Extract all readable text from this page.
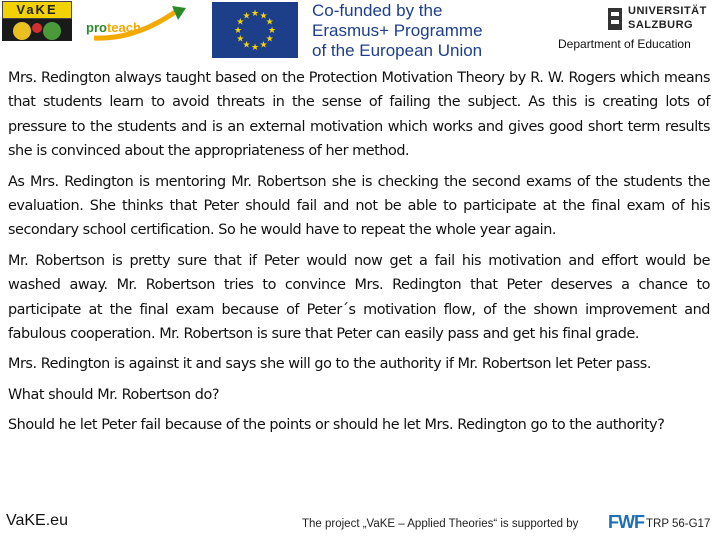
VaKE
proteach	★
★
★
★
★
★
★
★
★ ★ ★
★
Co-funded by the
Erasmus+ Programme
of the European Union
UNIVERSITÄT
SALZBURG
Department of Education

Mrs. Redington always taught based on the Protection Motivation Theory by R. W. Rogers which means that students learn to avoid threats in the sense of failing the subject. As this is creating lots of pressure to the students and is an external motivation which works and gives good short term results she is convinced about the appropriateness of her method.

As Mrs. Redington is mentoring Mr. Robertson she is checking the second exams of the students the evaluation. She thinks that Peter should fail and not be able to participate at the final exam of his secondary school certification. So he would have to repeat the whole year again.

Mr. Robertson is pretty sure that if Peter would now get a fail his motivation and effort would be washed away. Mr. Robertson tries to convince Mrs. Redington that Peter deserves a chance to participate at the final exam because of Peter´s motivation flow, of the shown improvement and fabulous cooperation. Mr. Robertson is sure that Peter can easily pass and get his final grade.

Mrs. Redington is against it and says she will go to the authority if Mr. Robertson let Peter pass.

What should Mr. Robertson do?

Should he let Peter fail because of the points or should he let Mrs. Redington go to the authority?

VaKE.eu	The project „VaKE – Applied Theories“ is supported by FWF TRP 56-G17
